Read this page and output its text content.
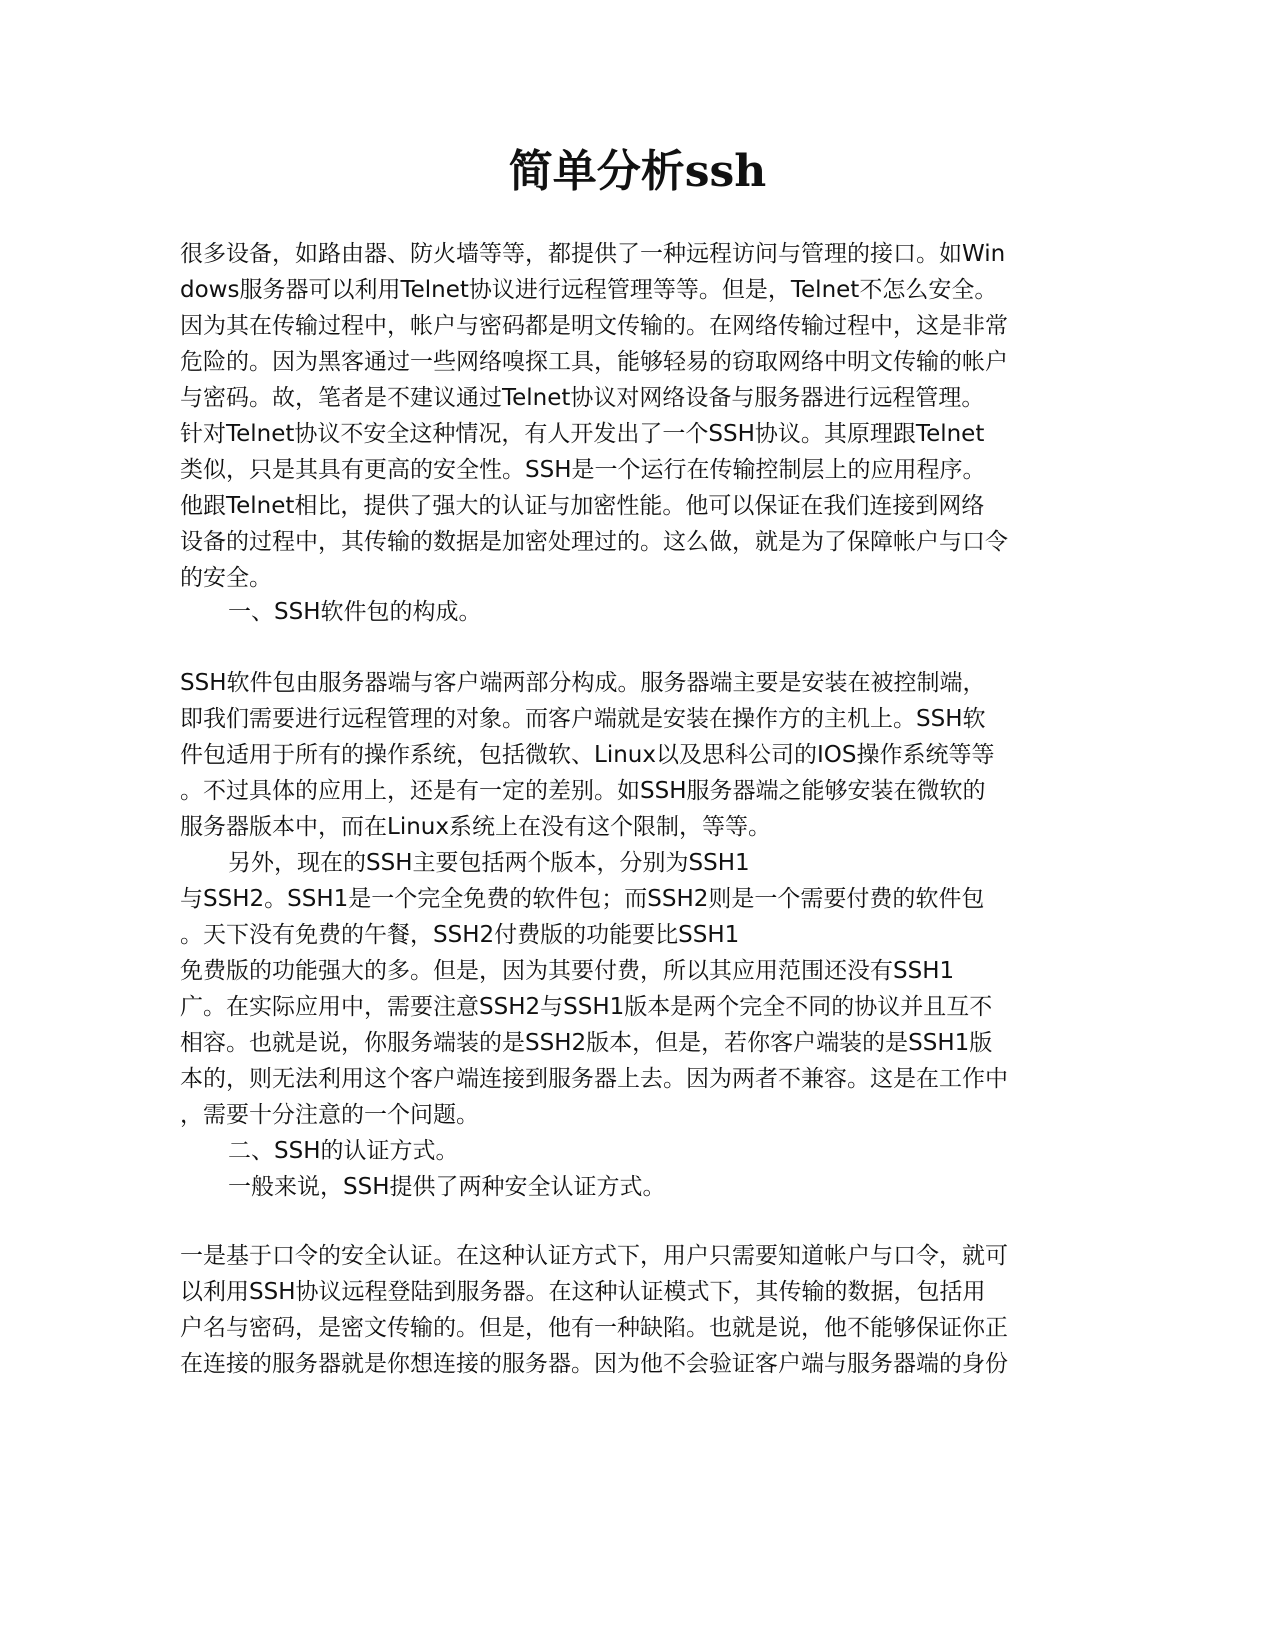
简单分析ssh
很多设备，如路由器、防火墙等等，都提供了一种远程访问与管理的接口。如Win
dows服务器可以利用Telnet协议进行远程管理等等。但是，Telnet不怎么安全。
因为其在传输过程中，帐户与密码都是明文传输的。在网络传输过程中，这是非常
危险的。因为黑客通过一些网络嗅探工具，能够轻易的窃取网络中明文传输的帐户
与密码。故，笔者是不建议通过Telnet协议对网络设备与服务器进行远程管理。
针对Telnet协议不安全这种情况，有人开发出了一个SSH协议。其原理跟Telnet
类似，只是其具有更高的安全性。SSH是一个运行在传输控制层上的应用程序。
他跟Telnet相比，提供了强大的认证与加密性能。他可以保证在我们连接到网络
设备的过程中，其传输的数据是加密处理过的。这么做，就是为了保障帐户与口令
的安全。
一、SSH软件包的构成。
SSH软件包由服务器端与客户端两部分构成。服务器端主要是安装在被控制端，
即我们需要进行远程管理的对象。而客户端就是安装在操作方的主机上。SSH软
件包适用于所有的操作系统，包括微软、Linux以及思科公司的IOS操作系统等等
。不过具体的应用上，还是有一定的差别。如SSH服务器端之能够安装在微软的
服务器版本中，而在Linux系统上在没有这个限制，等等。
另外，现在的SSH主要包括两个版本，分别为SSH1
与SSH2。SSH1是一个完全免费的软件包；而SSH2则是一个需要付费的软件包
。天下没有免费的午餐，SSH2付费版的功能要比SSH1
免费版的功能强大的多。但是，因为其要付费，所以其应用范围还没有SSH1
广。在实际应用中，需要注意SSH2与SSH1版本是两个完全不同的协议并且互不
相容。也就是说，你服务端装的是SSH2版本，但是，若你客户端装的是SSH1版
本的，则无法利用这个客户端连接到服务器上去。因为两者不兼容。这是在工作中
，需要十分注意的一个问题。
二、SSH的认证方式。
一般来说，SSH提供了两种安全认证方式。
一是基于口令的安全认证。在这种认证方式下，用户只需要知道帐户与口令，就可
以利用SSH协议远程登陆到服务器。在这种认证模式下，其传输的数据，包括用
户名与密码，是密文传输的。但是，他有一种缺陷。也就是说，他不能够保证你正
在连接的服务器就是你想连接的服务器。因为他不会验证客户端与服务器端的身份
